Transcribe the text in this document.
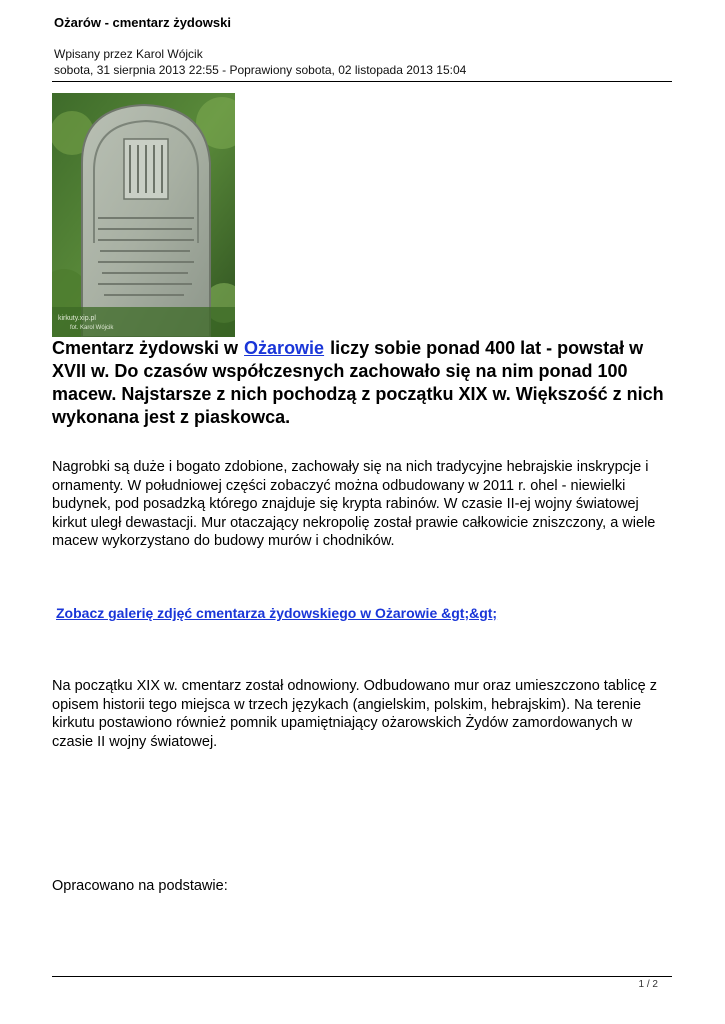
Ożarów - cmentarz żydowski
Wpisany przez Karol Wójcik
sobota, 31 sierpnia 2013 22:55 - Poprawiony sobota, 02 listopada 2013 15:04
kirkuty.xip.pl
fot. Karol Wójcik

Cmentarz żydowski w Ożarowie liczy sobie ponad 400 lat - powstał w XVII w. Do czasów współczesnych zachowało się na nim ponad 100 macew. Najstarsze z nich pochodzą z początku XIX w. Większość z nich wykonana jest z piaskowca.

Nagrobki są duże i bogato zdobione, zachowały się na nich tradycyjne hebrajskie inskrypcje i ornamenty. W południowej części zobaczyć można odbudowany w 2011 r. ohel - niewielki budynek, pod posadzką którego znajduje się krypta rabinów. W czasie II-ej wojny światowej kirkut uległ dewastacji. Mur otaczający nekropolię został prawie całkowicie zniszczony, a wiele macew wykorzystano do budowy murów i chodników.

Zobacz galerię zdjęć cmentarza żydowskiego w Ożarowie &gt;&gt;

Na początku XIX w. cmentarz został odnowiony. Odbudowano mur oraz umieszczono tablicę z opisem historii tego miejsca w trzech językach (angielskim, polskim, hebrajskim). Na terenie kirkutu postawiono również pomnik upamiętniający ożarowskich Żydów zamordowanych w czasie II wojny światowej.

Opracowano na podstawie:

1 / 2
